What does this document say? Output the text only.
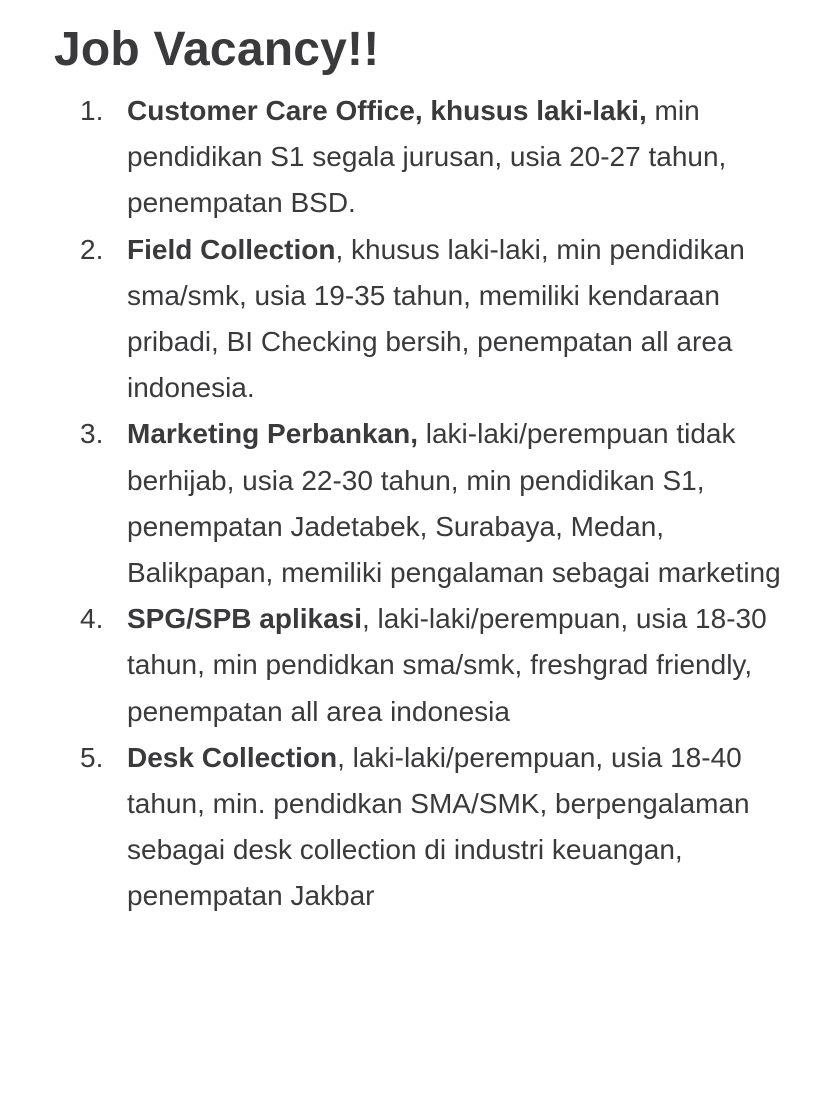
Job Vacancy!!
1. Customer Care Office, khusus laki-laki, min pendidikan S1 segala jurusan, usia 20-27 tahun, penempatan BSD.
2. Field Collection, khusus laki-laki, min pendidikan sma/smk, usia 19-35 tahun, memiliki kendaraan pribadi, BI Checking bersih, penempatan all area indonesia.
3. Marketing Perbankan, laki-laki/perempuan tidak berhijab, usia 22-30 tahun, min pendidikan S1, penempatan Jadetabek, Surabaya, Medan, Balikpapan, memiliki pengalaman sebagai marketing
4. SPG/SPB aplikasi, laki-laki/perempuan, usia 18-30 tahun, min pendidkan sma/smk, freshgrad friendly, penempatan all area indonesia
5. Desk Collection, laki-laki/perempuan, usia 18-40 tahun, min. pendidkan SMA/SMK, berpengalaman sebagai desk collection di industri keuangan, penempatan Jakbar
